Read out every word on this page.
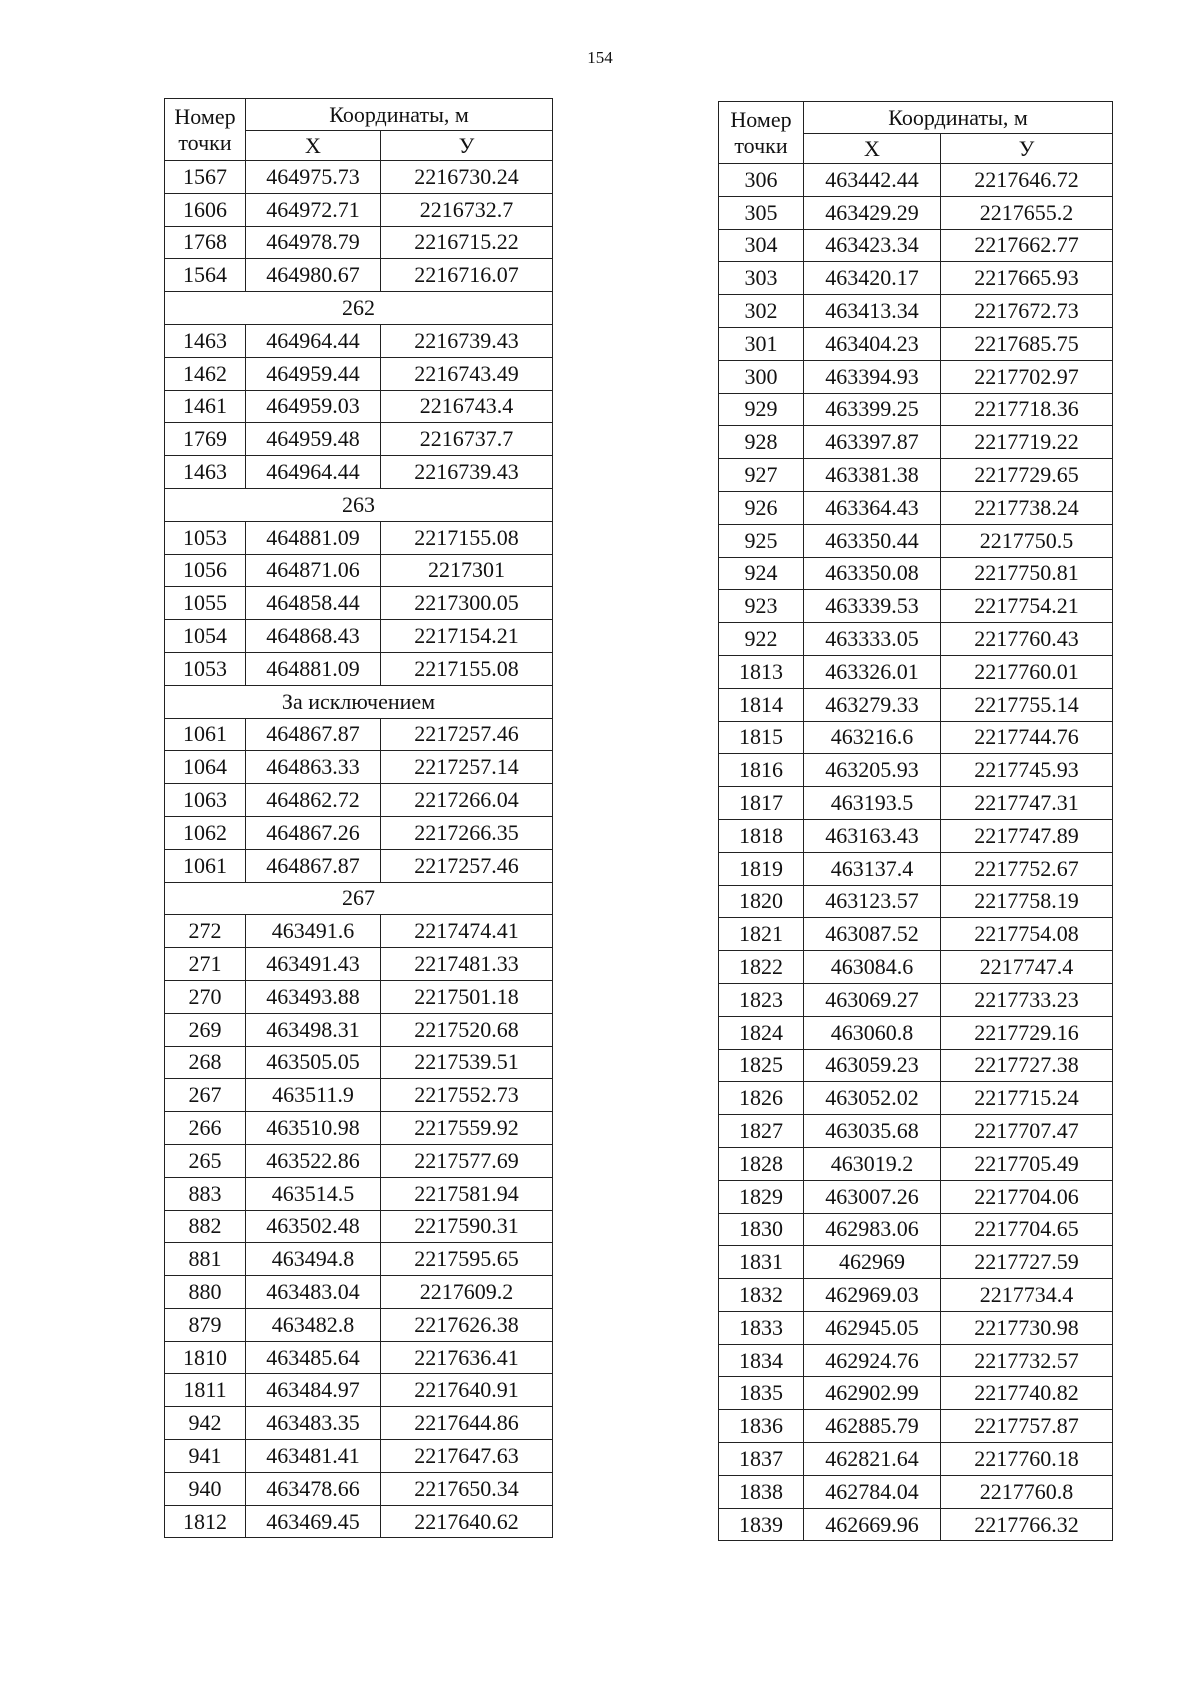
154
Номер
точки	Координаты, м	
	Х	У
1567	464975.73	2216730.24
1606	464972.71	2216732.7
1768	464978.79	2216715.22
1564	464980.67	2216716.07
262		
1463	464964.44	2216739.43
1462	464959.44	2216743.49
1461	464959.03	2216743.4
1769	464959.48	2216737.7
1463	464964.44	2216739.43
263		
1053	464881.09	2217155.08
1056	464871.06	2217301
1055	464858.44	2217300.05
1054	464868.43	2217154.21
1053	464881.09	2217155.08
За исключением		
1061	464867.87	2217257.46
1064	464863.33	2217257.14
1063	464862.72	2217266.04
1062	464867.26	2217266.35
1061	464867.87	2217257.46
267		
272	463491.6	2217474.41
271	463491.43	2217481.33
270	463493.88	2217501.18
269	463498.31	2217520.68
268	463505.05	2217539.51
267	463511.9	2217552.73
266	463510.98	2217559.92
265	463522.86	2217577.69
883	463514.5	2217581.94
882	463502.48	2217590.31
881	463494.8	2217595.65
880	463483.04	2217609.2
879	463482.8	2217626.38
1810	463485.64	2217636.41
1811	463484.97	2217640.91
942	463483.35	2217644.86
941	463481.41	2217647.63
940	463478.66	2217650.34
1812	463469.45	2217640.62
Номер
точки	Координаты, м	
	Х	У
306	463442.44	2217646.72
305	463429.29	2217655.2
304	463423.34	2217662.77
303	463420.17	2217665.93
302	463413.34	2217672.73
301	463404.23	2217685.75
300	463394.93	2217702.97
929	463399.25	2217718.36
928	463397.87	2217719.22
927	463381.38	2217729.65
926	463364.43	2217738.24
925	463350.44	2217750.5
924	463350.08	2217750.81
923	463339.53	2217754.21
922	463333.05	2217760.43
1813	463326.01	2217760.01
1814	463279.33	2217755.14
1815	463216.6	2217744.76
1816	463205.93	2217745.93
1817	463193.5	2217747.31
1818	463163.43	2217747.89
1819	463137.4	2217752.67
1820	463123.57	2217758.19
1821	463087.52	2217754.08
1822	463084.6	2217747.4
1823	463069.27	2217733.23
1824	463060.8	2217729.16
1825	463059.23	2217727.38
1826	463052.02	2217715.24
1827	463035.68	2217707.47
1828	463019.2	2217705.49
1829	463007.26	2217704.06
1830	462983.06	2217704.65
1831	462969	2217727.59
1832	462969.03	2217734.4
1833	462945.05	2217730.98
1834	462924.76	2217732.57
1835	462902.99	2217740.82
1836	462885.79	2217757.87
1837	462821.64	2217760.18
1838	462784.04	2217760.8
1839	462669.96	2217766.32
